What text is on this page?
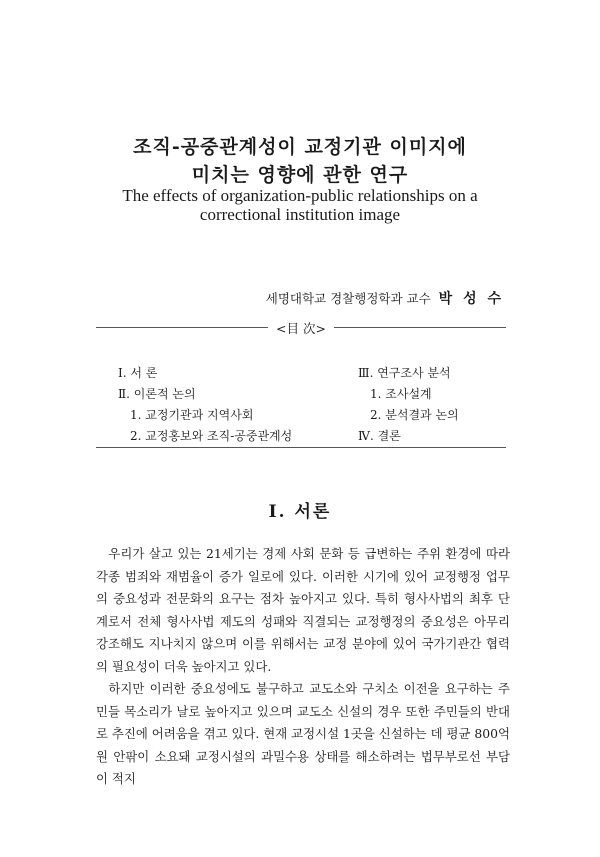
조직-공중관계성이 교정기관 이미지에
미치는 영향에 관한 연구
The effects of organization-public relationships on a
correctional institution image
세명대학교 경찰행정학과 교수 박 성 수
<目 次>
Ⅰ. 서 론
Ⅱ. 이론적 논의
1. 교정기관과 지역사회
2. 교정홍보와 조직-공중관계성
Ⅲ. 연구조사 분석
1. 조사설계
2. 분석결과 논의
Ⅳ. 결론
Ⅰ. 서론

우리가 살고 있는 21세기는 경제 사회 문화 등 급변하는 주위 환경에 따라 각종 범죄와 재범율이 증가 일로에 있다. 이러한 시기에 있어 교정행정 업무의 중요성과 전문화의 요구는 점차 높아지고 있다. 특히 형사사법의 최후 단계로서 전체 형사사법 제도의 성패와 직결되는 교정행정의 중요성은 아무리 강조해도 지나치지 않으며 이를 위해서는 교정 분야에 있어 국가기관간 협력의 필요성이 더욱 높아지고 있다.

하지만 이러한 중요성에도 불구하고 교도소와 구치소 이전을 요구하는 주민들 목소리가 날로 높아지고 있으며 교도소 신설의 경우 또한 주민들의 반대로 추진에 어려움을 겪고 있다. 현재 교정시설 1곳을 신설하는 데 평균 800억원 안팎이 소요돼 교정시설의 과밀수용 상태를 해소하려는 법무부로선 부담이 적지
